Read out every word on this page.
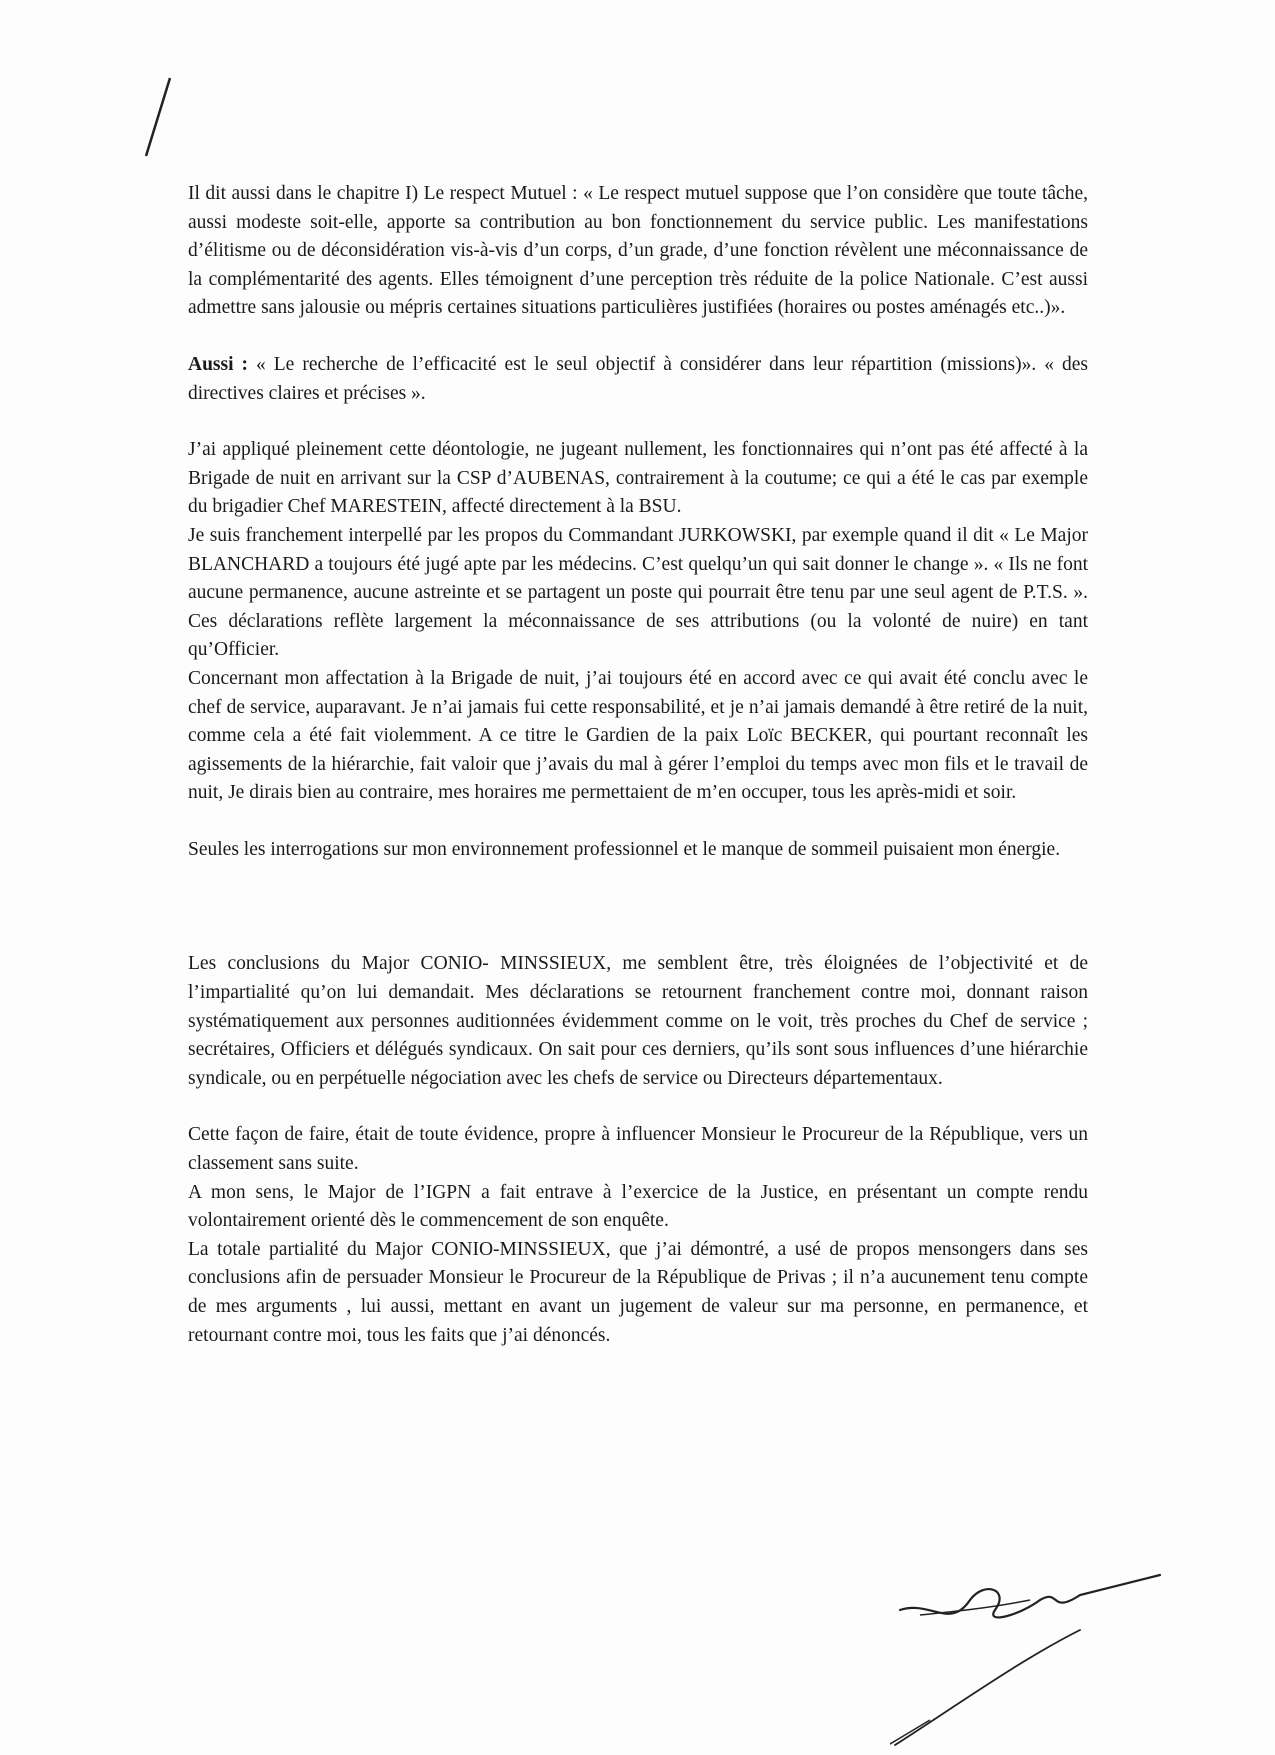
Il dit aussi dans le chapitre I) Le respect Mutuel : « Le respect mutuel suppose que l’on considère que toute tâche, aussi modeste soit-elle, apporte sa contribution au bon fonctionnement du service public. Les manifestations d’élitisme ou de déconsidération vis-à-vis d’un corps, d’un grade, d’une fonction révèlent une méconnaissance de la complémentarité des agents. Elles témoignent d’une perception très réduite de la police Nationale. C’est aussi admettre sans jalousie ou mépris certaines situations particulières justifiées (horaires ou postes aménagés etc..)».

Aussi : « Le recherche de l’efficacité est le seul objectif à considérer dans leur répartition (missions)». « des directives claires et précises ».

J’ai appliqué pleinement cette déontologie, ne jugeant nullement, les fonctionnaires qui n’ont pas été affecté à la Brigade de nuit en arrivant sur la CSP d’AUBENAS, contrairement à la coutume; ce qui a été le cas par exemple du brigadier Chef MARESTEIN, affecté directement à la BSU.

Je suis franchement interpellé par les propos du Commandant JURKOWSKI, par exemple quand il dit « Le Major BLANCHARD a toujours été jugé apte par les médecins. C’est quelqu’un qui sait donner le change ». « Ils ne font aucune permanence, aucune astreinte et se partagent un poste qui pourrait être tenu par une seul agent de P.T.S. ». Ces déclarations reflète largement la méconnaissance de ses attributions (ou la volonté de nuire) en tant qu’Officier.

Concernant mon affectation à la Brigade de nuit, j’ai toujours été en accord avec ce qui avait été conclu avec le chef de service, auparavant. Je n’ai jamais fui cette responsabilité, et je n’ai jamais demandé à être retiré de la nuit, comme cela a été fait violemment. A ce titre le Gardien de la paix Loïc BECKER, qui pourtant reconnaît les agissements de la hiérarchie, fait valoir que j’avais du mal à gérer l’emploi du temps avec mon fils et le travail de nuit, Je dirais bien au contraire, mes horaires me permettaient de m’en occuper, tous les après-midi et soir.

Seules les interrogations sur mon environnement professionnel et le manque de sommeil puisaient mon énergie.

Les conclusions du Major CONIO- MINSSIEUX, me semblent être, très éloignées de l’objectivité et de l’impartialité qu’on lui demandait. Mes déclarations se retournent franchement contre moi, donnant raison systématiquement aux personnes auditionnées évidemment comme on le voit, très proches du Chef de service ; secrétaires, Officiers et délégués syndicaux. On sait pour ces derniers, qu’ils sont sous influences d’une hiérarchie syndicale, ou en perpétuelle négociation avec les chefs de service ou Directeurs départementaux.

Cette façon de faire, était de toute évidence, propre à influencer Monsieur le Procureur de la République, vers un classement sans suite.

A mon sens, le Major de l’IGPN a fait entrave à l’exercice de la Justice, en présentant un compte rendu volontairement orienté dès le commencement de son enquête.

La totale partialité du Major CONIO-MINSSIEUX, que j’ai démontré, a usé de propos mensongers dans ses conclusions afin de persuader Monsieur le Procureur de la République de Privas ; il n’a aucunement tenu compte de mes arguments , lui aussi, mettant en avant un jugement de valeur sur ma personne, en permanence, et retournant contre moi, tous les faits que j’ai dénoncés.
